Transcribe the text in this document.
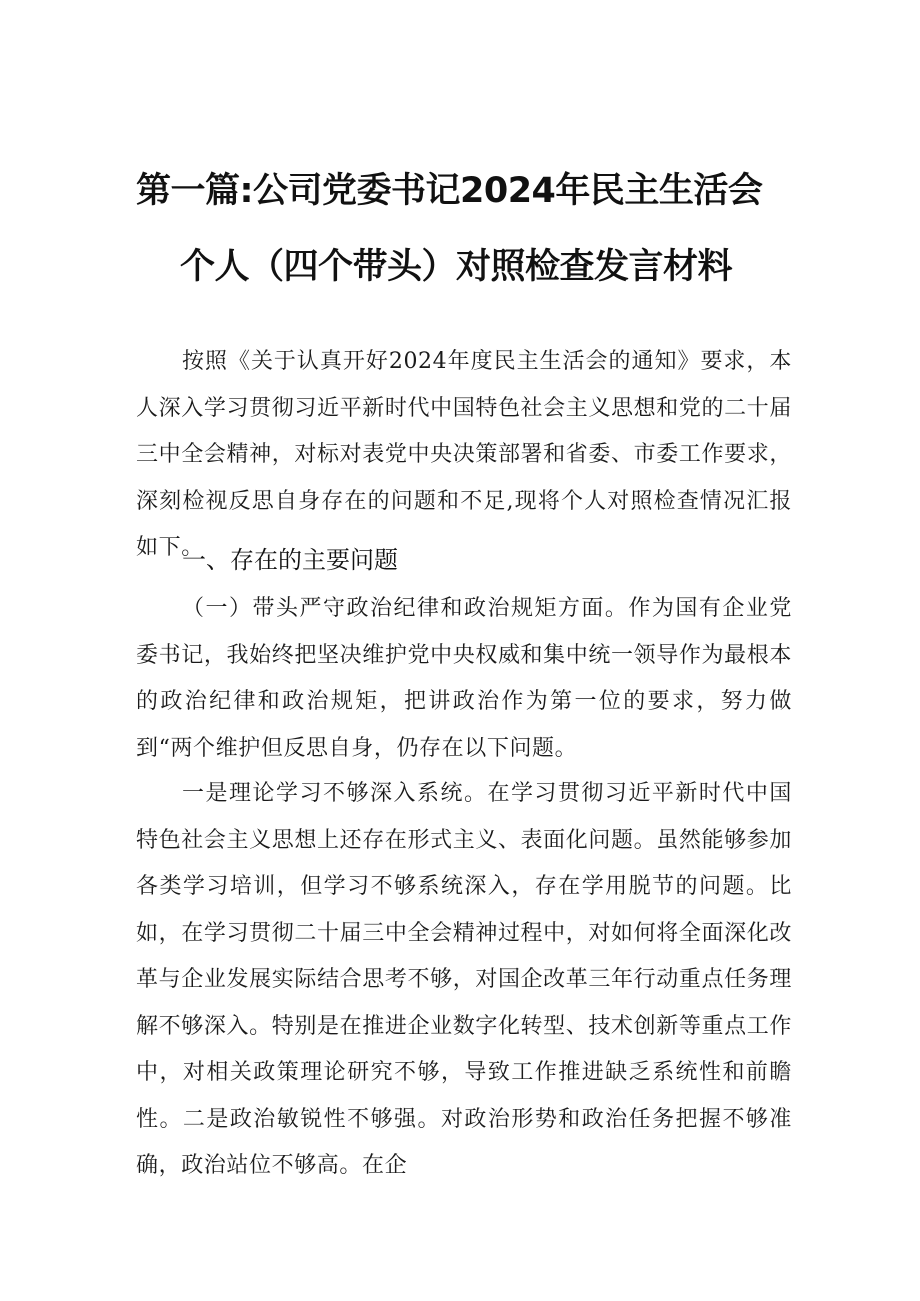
第一篇:公司党委书记2024年民主生活会
个人（四个带头）对照检查发言材料

按照《关于认真开好2024年度民主生活会的通知》要求，本人深入学习贯彻习近平新时代中国特色社会主义思想和党的二十届三中全会精神，对标对表党中央决策部署和省委、市委工作要求，深刻检视反思自身存在的问题和不足,现将个人对照检查情况汇报如下。

一、存在的主要问题

（一）带头严守政治纪律和政治规矩方面。作为国有企业党委书记，我始终把坚决维护党中央权威和集中统一领导作为最根本的政治纪律和政治规矩，把讲政治作为第一位的要求，努力做到“两个维护但反思自身，仍存在以下问题。

一是理论学习不够深入系统。在学习贯彻习近平新时代中国特色社会主义思想上还存在形式主义、表面化问题。虽然能够参加各类学习培训，但学习不够系统深入，存在学用脱节的问题。比如，在学习贯彻二十届三中全会精神过程中，对如何将全面深化改革与企业发展实际结合思考不够，对国企改革三年行动重点任务理解不够深入。特别是在推进企业数字化转型、技术创新等重点工作中，对相关政策理论研究不够，导致工作推进缺乏系统性和前瞻性。二是政治敏锐性不够强。对政治形势和政治任务把握不够准确，政治站位不够高。在企
